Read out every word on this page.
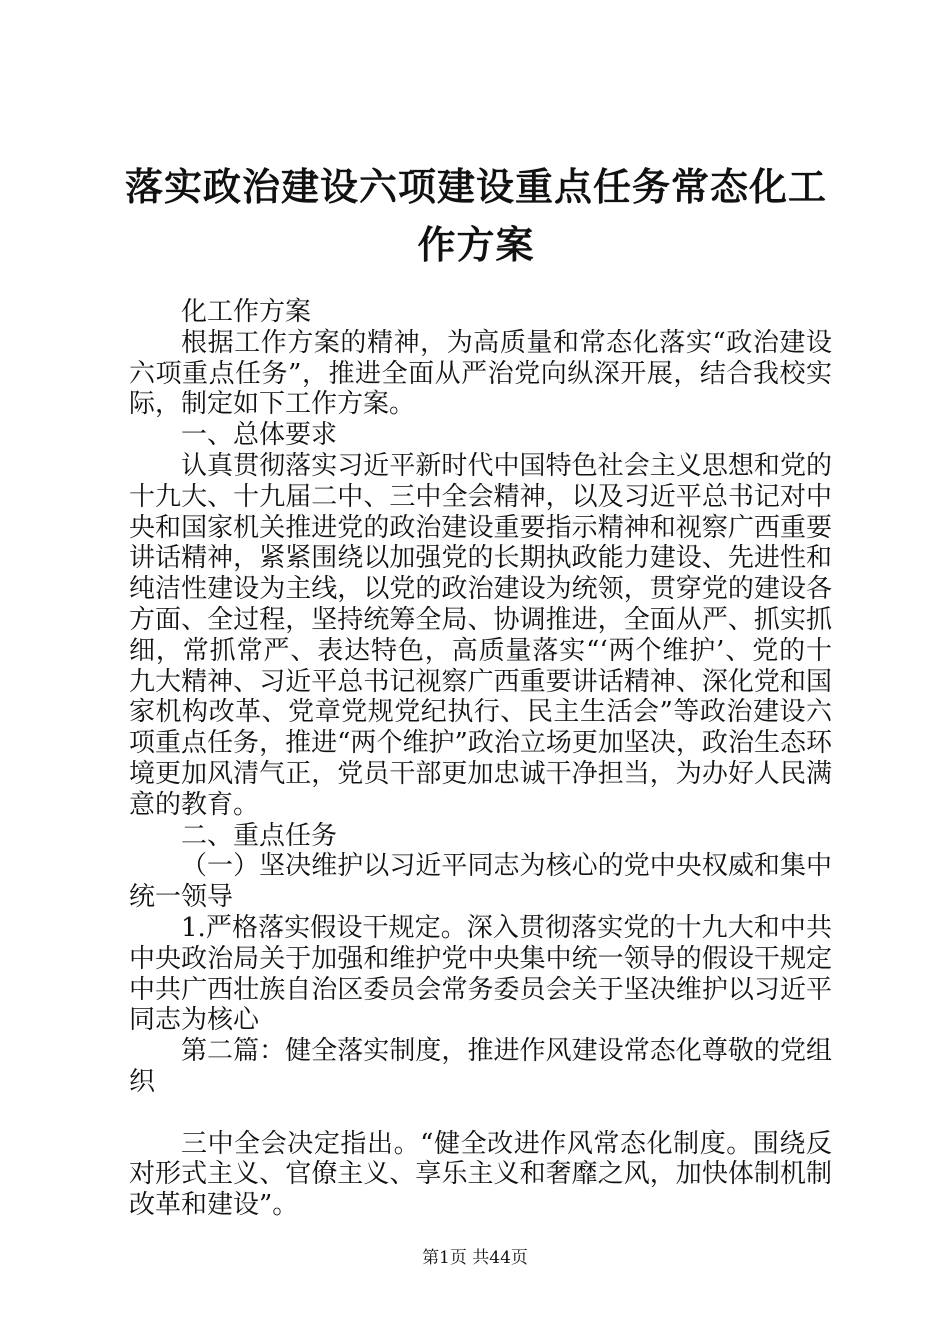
落实政治建设六项建设重点任务常态化工作方案

化工作方案

根据工作方案的精神，为高质量和常态化落实“政治建设六项重点任务”，推进全面从严治党向纵深开展，结合我校实际，制定如下工作方案。

一、总体要求

认真贯彻落实习近平新时代中国特色社会主义思想和党的十九大、十九届二中、三中全会精神，以及习近平总书记对中央和国家机关推进党的政治建设重要指示精神和视察广西重要讲话精神，紧紧围绕以加强党的长期执政能力建设、先进性和纯洁性建设为主线，以党的政治建设为统领，贯穿党的建设各方面、全过程，坚持统筹全局、协调推进，全面从严、抓实抓细，常抓常严、表达特色，高质量落实“‘两个维护’、党的十九大精神、习近平总书记视察广西重要讲话精神、深化党和国家机构改革、党章党规党纪执行、民主生活会”等政治建设六项重点任务，推进“两个维护”政治立场更加坚决，政治生态环境更加风清气正，党员干部更加忠诚干净担当，为办好人民满意的教育。

二、重点任务

（一）坚决维护以习近平同志为核心的党中央权威和集中统一领导

1.严格落实假设干规定。深入贯彻落实党的十九大和中共中央政治局关于加强和维护党中央集中统一领导的假设干规定中共广西壮族自治区委员会常务委员会关于坚决维护以习近平同志为核心

第二篇：健全落实制度，推进作风建设常态化尊敬的党组织

三中全会决定指出。“健全改进作风常态化制度。围绕反对形式主义、官僚主义、享乐主义和奢靡之风，加快体制机制改革和建设”。

第1页 共44页
